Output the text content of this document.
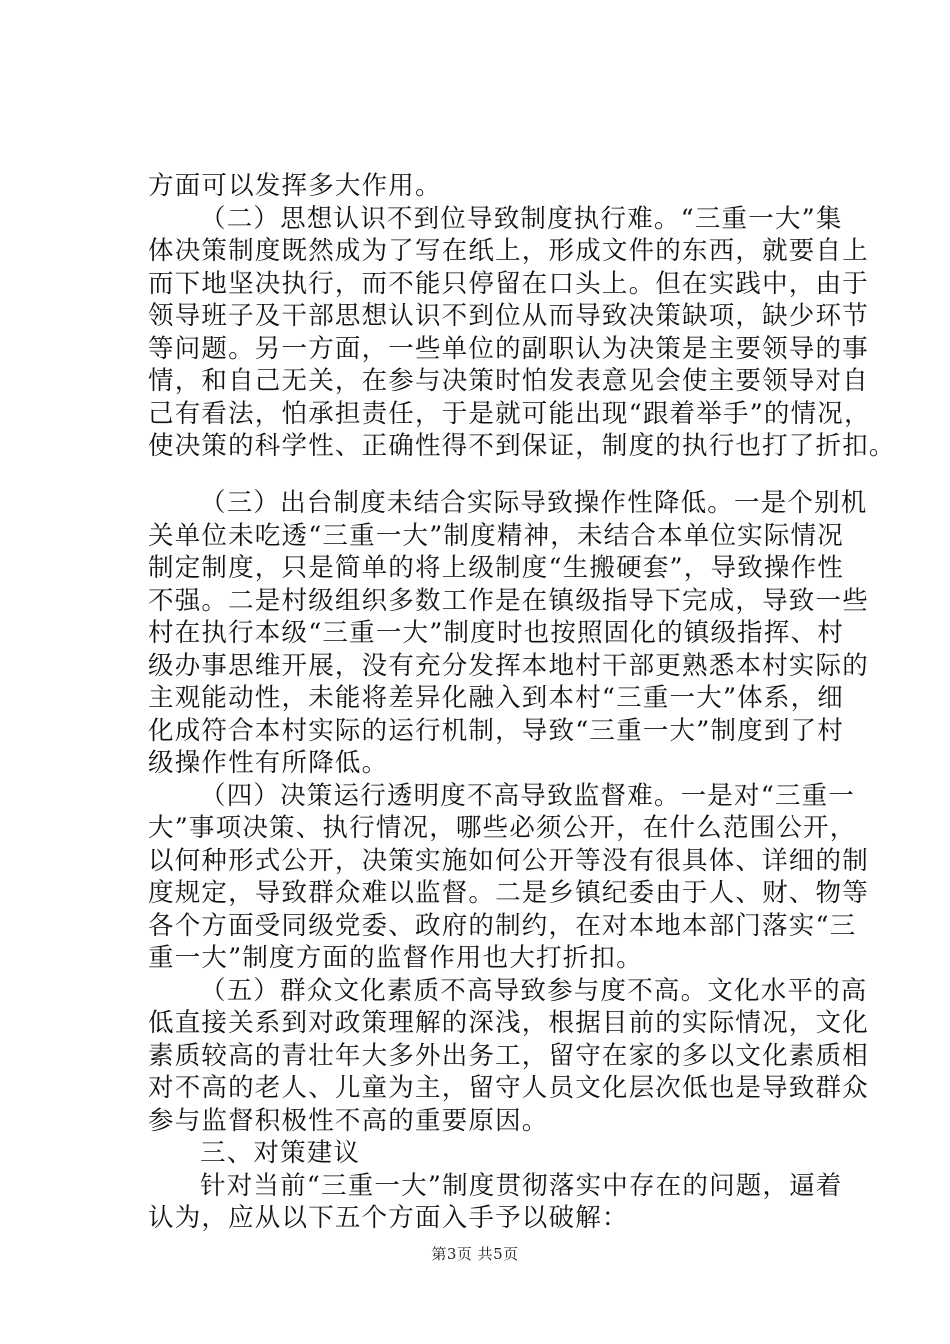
方面可以发挥多大作用。
（二）思想认识不到位导致制度执行难。“三重一大”集
体决策制度既然成为了写在纸上，形成文件的东西，就要自上
而下地坚决执行，而不能只停留在口头上。但在实践中，由于
领导班子及干部思想认识不到位从而导致决策缺项，缺少环节
等问题。另一方面，一些单位的副职认为决策是主要领导的事
情，和自己无关，在参与决策时怕发表意见会使主要领导对自
己有看法，怕承担责任，于是就可能出现“跟着举手”的情况，
使决策的科学性、正确性得不到保证，制度的执行也打了折扣。
（三）出台制度未结合实际导致操作性降低。一是个别机
关单位未吃透“三重一大”制度精神，未结合本单位实际情况
制定制度，只是简单的将上级制度“生搬硬套”，导致操作性
不强。二是村级组织多数工作是在镇级指导下完成，导致一些
村在执行本级“三重一大”制度时也按照固化的镇级指挥、村
级办事思维开展，没有充分发挥本地村干部更熟悉本村实际的
主观能动性，未能将差异化融入到本村“三重一大”体系，细
化成符合本村实际的运行机制，导致“三重一大”制度到了村
级操作性有所降低。
（四）决策运行透明度不高导致监督难。一是对“三重一
大”事项决策、执行情况，哪些必须公开，在什么范围公开，
以何种形式公开，决策实施如何公开等没有很具体、详细的制
度规定，导致群众难以监督。二是乡镇纪委由于人、财、物等
各个方面受同级党委、政府的制约，在对本地本部门落实“三
重一大”制度方面的监督作用也大打折扣。
（五）群众文化素质不高导致参与度不高。文化水平的高
低直接关系到对政策理解的深浅，根据目前的实际情况，文化
素质较高的青壮年大多外出务工，留守在家的多以文化素质相
对不高的老人、儿童为主，留守人员文化层次低也是导致群众
参与监督积极性不高的重要原因。
三、对策建议
针对当前“三重一大”制度贯彻落实中存在的问题，逼着
认为，应从以下五个方面入手予以破解：
第3页 共5页
